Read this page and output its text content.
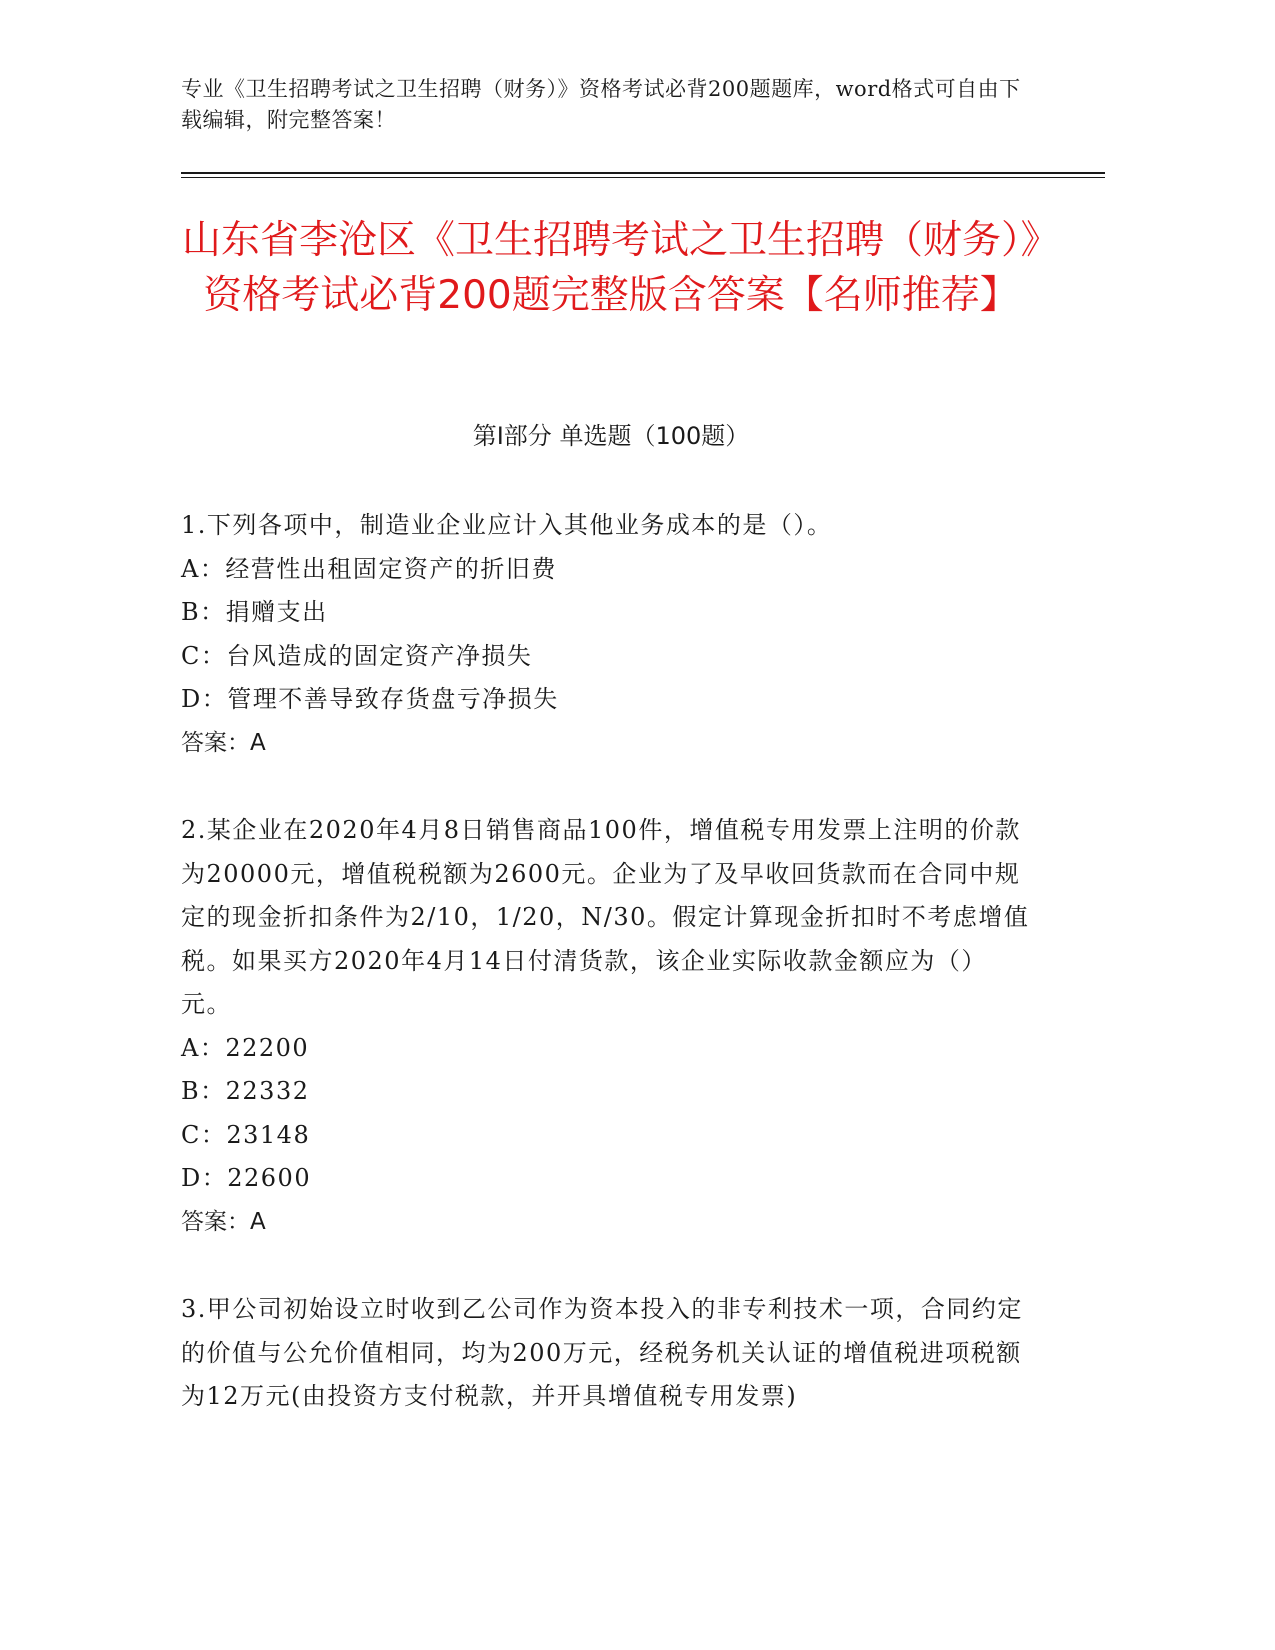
专业《卫生招聘考试之卫生招聘（财务）》资格考试必背200题题库，word格式可自由下载编辑，附完整答案！
山东省李沧区《卫生招聘考试之卫生招聘（财务）》资格考试必背200题完整版含答案【名师推荐】
第I部分 单选题（100题）

1.下列各项中，制造业企业应计入其他业务成本的是（）。

A：经营性出租固定资产的折旧费

B：捐赠支出

C：台风造成的固定资产净损失

D：管理不善导致存货盘亏净损失

答案：A

2.某企业在2020年4月8日销售商品100件，增值税专用发票上注明的价款为20000元，增值税税额为2600元。企业为了及早收回货款而在合同中规定的现金折扣条件为2/10，1/20，N/30。假定计算现金折扣时不考虑增值税。如果买方2020年4月14日付清货款，该企业实际收款金额应为（）元。

A：22200

B：22332

C：23148

D：22600

答案：A

3.甲公司初始设立时收到乙公司作为资本投入的非专利技术一项，合同约定的价值与公允价值相同，均为200万元，经税务机关认证的增值税进项税额为12万元(由投资方支付税款，并开具增值税专用发票)
